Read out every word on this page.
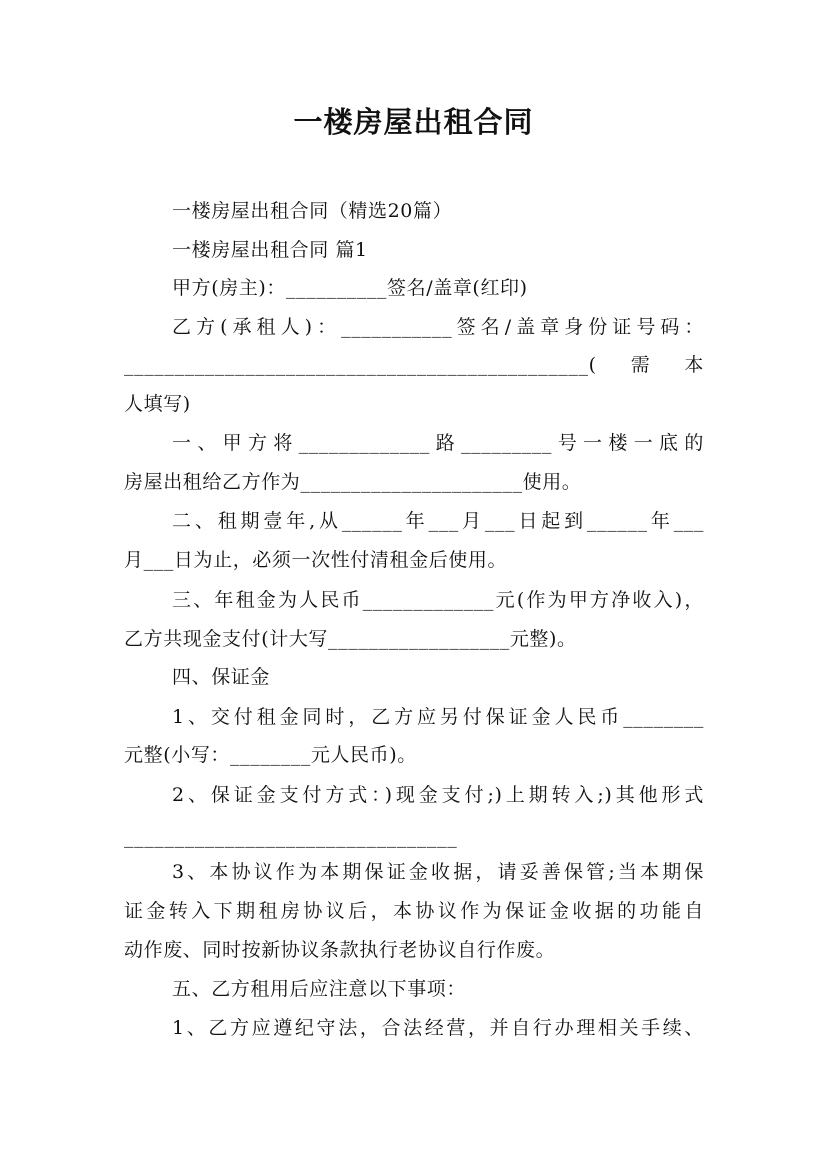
一楼房屋出租合同
一楼房屋出租合同（精选20篇）
一楼房屋出租合同 篇1
甲方(房主)：__________签名/盖章(红印)
乙方(承租人)：___________签名/盖章身份证号码：
______________________________________________(需本
人填写)
一、甲方将_____________路_________号一楼一底的
房屋出租给乙方作为______________________使用。
二、租期壹年,从______年___月___日起到______年___
月___日为止，必须一次性付清租金后使用。
三、年租金为人民币_____________元(作为甲方净收入)，
乙方共现金支付(计大写__________________元整)。
四、保证金
1、交付租金同时，乙方应另付保证金人民币________
元整(小写：________元人民币)。
2、保证金支付方式：)现金支付;)上期转入;)其他形式
_________________________________
3、本协议作为本期保证金收据，请妥善保管;当本期保
证金转入下期租房协议后，本协议作为保证金收据的功能自
动作废、同时按新协议条款执行老协议自行作废。
五、乙方租用后应注意以下事项：
1、乙方应遵纪守法，合法经营，并自行办理相关手续、
